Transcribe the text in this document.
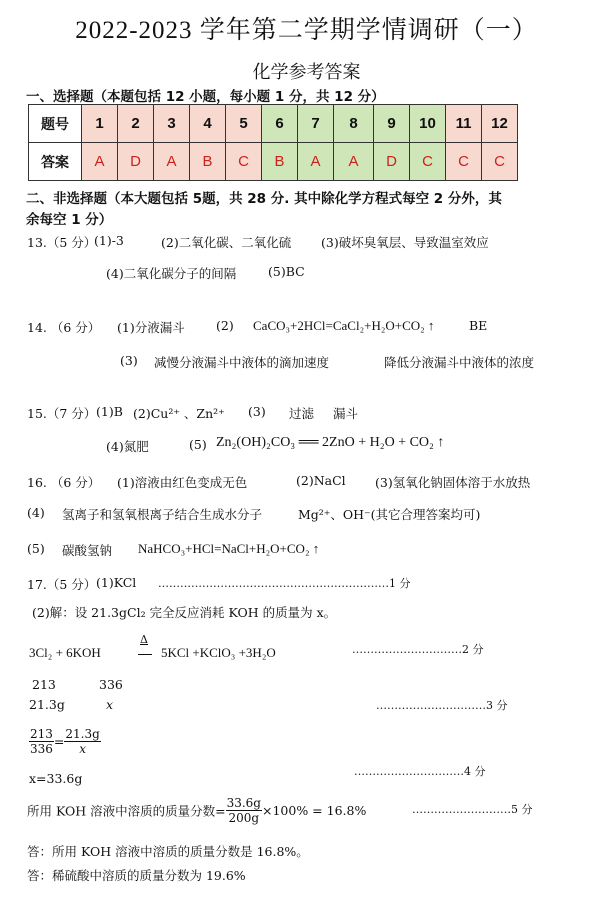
2022-2023 学年第二学期学情调研（一）
化学参考答案
一、选择题（本题包括 12 小题，每小题 1 分，共 12 分）
题号	1	2	3	4	5	6	7	8	9	10	11	12
答案	A	D	A	B	C	B	A	A	D	C	C	C
二、非选择题（本大题包括 5题，共 28 分. 其中除化学方程式每空 2 分外，其
余每空 1 分）
13.（5 分）
(1)-3	(2)二氧化碳、二氧化硫 (3)破坏臭氧层、导致温室效应
(4)二氧化碳分子的间隔	(5)BC
14. （6 分） (1)分液漏斗	(2) CaCO₃+2HCl=CaCl₂+H₂O+CO₂ ↑	BE
(3) 减慢分液漏斗中液体的滴加速度	降低分液漏斗中液体的浓度
15.（7 分） (1)B (2)Cu²⁺ 、Zn²⁺ (3) 过滤 漏斗
(4)氮肥	(5) Zn₂(OH)₂CO₃ ══ 2ZnO + H₂O + CO₂ ↑
16. （6 分） (1)溶液由红色变成无色	(2)NaCl (3)氢氧化钠固体溶于水放热
(4) 氢离子和氢氧根离子结合生成水分子	Mg²⁺、OH⁻(其它合理答案均可)
(5) 碳酸氢钠 NaHCO₃+HCl=NaCl+H₂O+CO₂ ↑
17.（5 分） (1)KCl ………………………………………………………1 分
(2)解：设 21.3gCl₂ 完全反应消耗 KOH 的质量为 x。
3Cl₂ + 6KOH
Δ
5KCl +KClO₃ +3H₂O	…………………………2 分
213	336
21.3g	x	…………………………3 分
$\frac{213}{336} = \frac{21.3g}{x}$
x=33.6g	…………………………4 分
所用 KOH 溶液中溶质的质量分数= $\frac{33.6g}{200g} \times 100\% = 16.8\%$	………………………5 分
答：所用 KOH 溶液中溶质的质量分数是 16.8%。
答：稀硫酸中溶质的质量分数为 19.6%
